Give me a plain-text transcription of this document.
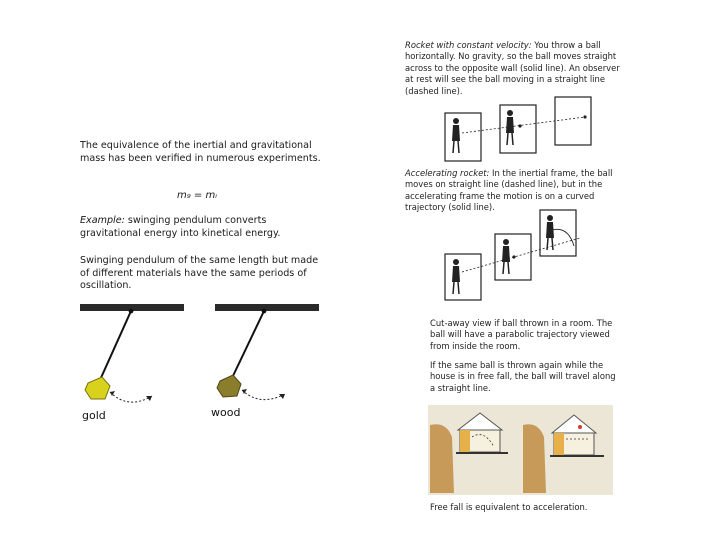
The equivalence of the inertial and gravitational mass has been verified in numerous experiments.
m₉ = mᵢ
Example: swinging pendulum converts gravitational energy into kinetical energy.
Swinging pendulum of the same length but made of different materials have the same periods of oscillation.
gold	wood
Rocket with constant velocity: You throw a ball horizontally. No gravity, so the ball moves straight across to the opposite wall (solid line). An observer at rest will see the ball moving in a straight line (dashed line).
Accelerating rocket: In the inertial frame, the ball moves on straight line (dashed line), but in the accelerating frame the motion is on a curved trajectory (solid line).
Cut-away view if ball thrown in a room. The ball will have a parabolic trajectory viewed from inside the room.
If the same ball is thrown again while the house is in free fall, the ball will travel along a straight line.
Free fall is equivalent to acceleration.
